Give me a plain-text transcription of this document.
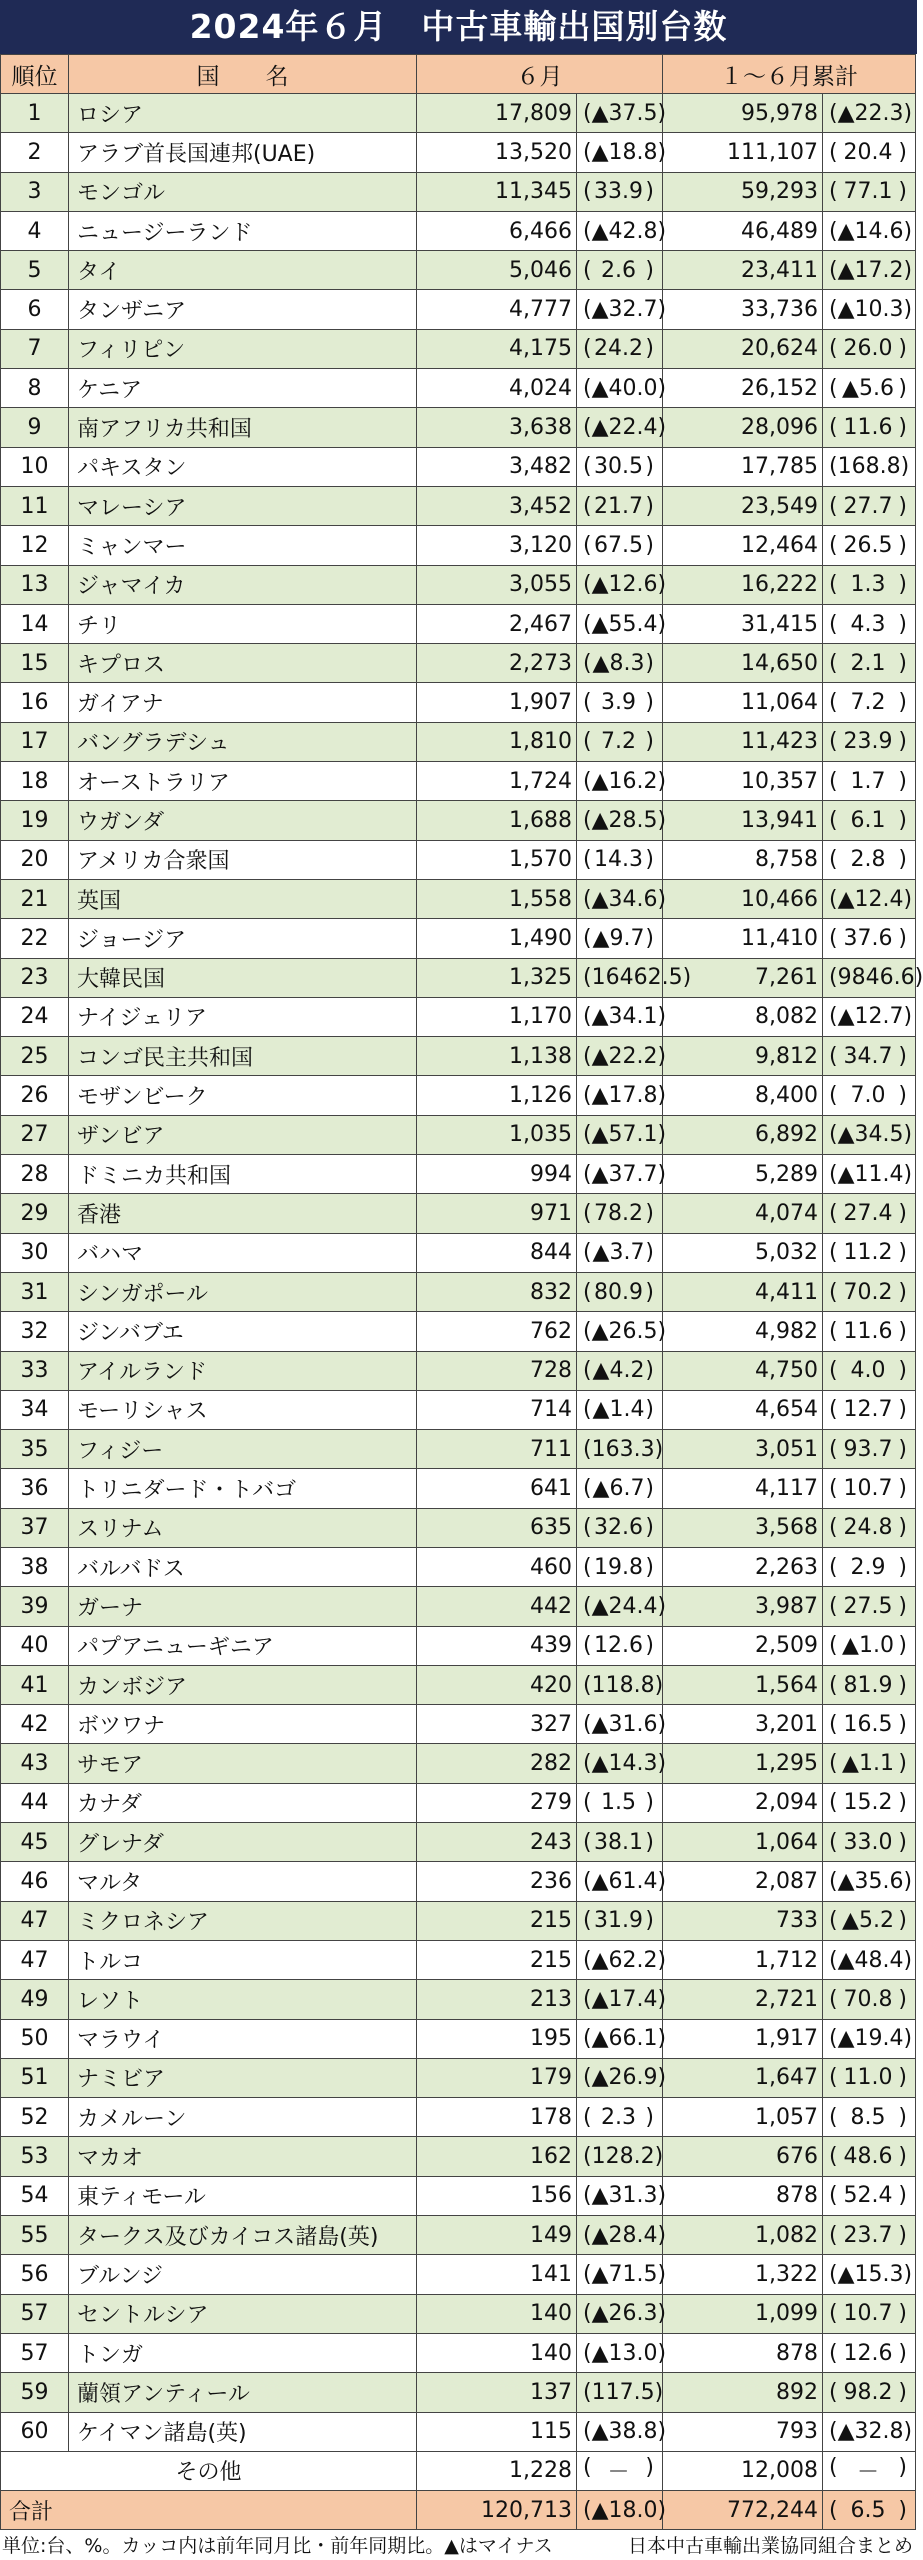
2024年６月　中古車輸出国別台数
順位	国　　名	６月		１～６月累計	
1	ロシア	17,809	( ▲37.5 )	95,978	( ▲22.3 )

2	アラブ首長国連邦(UAE)	13,520	( ▲18.8 )	111,107	( 20.4 )

3	モンゴル	11,345	( 33.9 )	59,293	( 77.1 )

4	ニュージーランド	6,466	( ▲42.8 )	46,489	( ▲14.6 )

5	タイ	5,046	( 2.6 )	23,411	( ▲17.2 )

6	タンザニア	4,777	( ▲32.7 )	33,736	( ▲10.3 )

7	フィリピン	4,175	( 24.2 )	20,624	( 26.0 )

8	ケニア	4,024	( ▲40.0 )	26,152	( ▲5.6 )

9	南アフリカ共和国	3,638	( ▲22.4 )	28,096	( 11.6 )

10	パキスタン	3,482	( 30.5 )	17,785	( 168.8 )

11	マレーシア	3,452	( 21.7 )	23,549	( 27.7 )

12	ミャンマー	3,120	( 67.5 )	12,464	( 26.5 )

13	ジャマイカ	3,055	( ▲12.6 )	16,222	( 1.3 )

14	チリ	2,467	( ▲55.4 )	31,415	( 4.3 )

15	キプロス	2,273	( ▲8.3 )	14,650	( 2.1 )

16	ガイアナ	1,907	( 3.9 )	11,064	( 7.2 )

17	バングラデシュ	1,810	( 7.2 )	11,423	( 23.9 )

18	オーストラリア	1,724	( ▲16.2 )	10,357	( 1.7 )

19	ウガンダ	1,688	( ▲28.5 )	13,941	( 6.1 )

20	アメリカ合衆国	1,570	( 14.3 )	8,758	( 2.8 )

21	英国	1,558	( ▲34.6 )	10,466	( ▲12.4 )

22	ジョージア	1,490	( ▲9.7 )	11,410	( 37.6 )

23	大韓民国	1,325	( 16462.5 )	7,261	( 9846.6 )

24	ナイジェリア	1,170	( ▲34.1 )	8,082	( ▲12.7 )

25	コンゴ民主共和国	1,138	( ▲22.2 )	9,812	( 34.7 )

26	モザンビーク	1,126	( ▲17.8 )	8,400	( 7.0 )

27	ザンビア	1,035	( ▲57.1 )	6,892	( ▲34.5 )

28	ドミニカ共和国	994	( ▲37.7 )	5,289	( ▲11.4 )

29	香港	971	( 78.2 )	4,074	( 27.4 )

30	バハマ	844	( ▲3.7 )	5,032	( 11.2 )

31	シンガポール	832	( 80.9 )	4,411	( 70.2 )

32	ジンバブエ	762	( ▲26.5 )	4,982	( 11.6 )

33	アイルランド	728	( ▲4.2 )	4,750	( 4.0 )

34	モーリシャス	714	( ▲1.4 )	4,654	( 12.7 )

35	フィジー	711	( 163.3 )	3,051	( 93.7 )

36	トリニダード・トバゴ	641	( ▲6.7 )	4,117	( 10.7 )

37	スリナム	635	( 32.6 )	3,568	( 24.8 )

38	バルバドス	460	( 19.8 )	2,263	( 2.9 )

39	ガーナ	442	( ▲24.4 )	3,987	( 27.5 )

40	パプアニューギニア	439	( 12.6 )	2,509	( ▲1.0 )

41	カンボジア	420	( 118.8 )	1,564	( 81.9 )

42	ボツワナ	327	( ▲31.6 )	3,201	( 16.5 )

43	サモア	282	( ▲14.3 )	1,295	( ▲1.1 )

44	カナダ	279	( 1.5 )	2,094	( 15.2 )

45	グレナダ	243	( 38.1 )	1,064	( 33.0 )

46	マルタ	236	( ▲61.4 )	2,087	( ▲35.6 )

47	ミクロネシア	215	( 31.9 )	733	( ▲5.2 )

47	トルコ	215	( ▲62.2 )	1,712	( ▲48.4 )

49	レソト	213	( ▲17.4 )	2,721	( 70.8 )

50	マラウイ	195	( ▲66.1 )	1,917	( ▲19.4 )

51	ナミビア	179	( ▲26.9 )	1,647	( 11.0 )

52	カメルーン	178	( 2.3 )	1,057	( 8.5 )

53	マカオ	162	( 128.2 )	676	( 48.6 )

54	東ティモール	156	( ▲31.3 )	878	( 52.4 )

55	タークス及びカイコス諸島(英)	149	( ▲28.4 )	1,082	( 23.7 )

56	ブルンジ	141	( ▲71.5 )	1,322	( ▲15.3 )

57	セントルシア	140	( ▲26.3 )	1,099	( 10.7 )

57	トンガ	140	( ▲13.0 )	878	( 12.6 )

59	蘭領アンティール	137	( 117.5 )	892	( 98.2 )

60	ケイマン諸島(英)	115	( ▲38.8 )	793	( ▲32.8 )

その他		1,228	( － )	12,008	( － )

合計		120,713	( ▲18.0 )	772,244	( 6.5 )
単位:台、%。カッコ内は前年同月比・前年同期比。▲はマイナス	日本中古車輸出業協同組合まとめ
